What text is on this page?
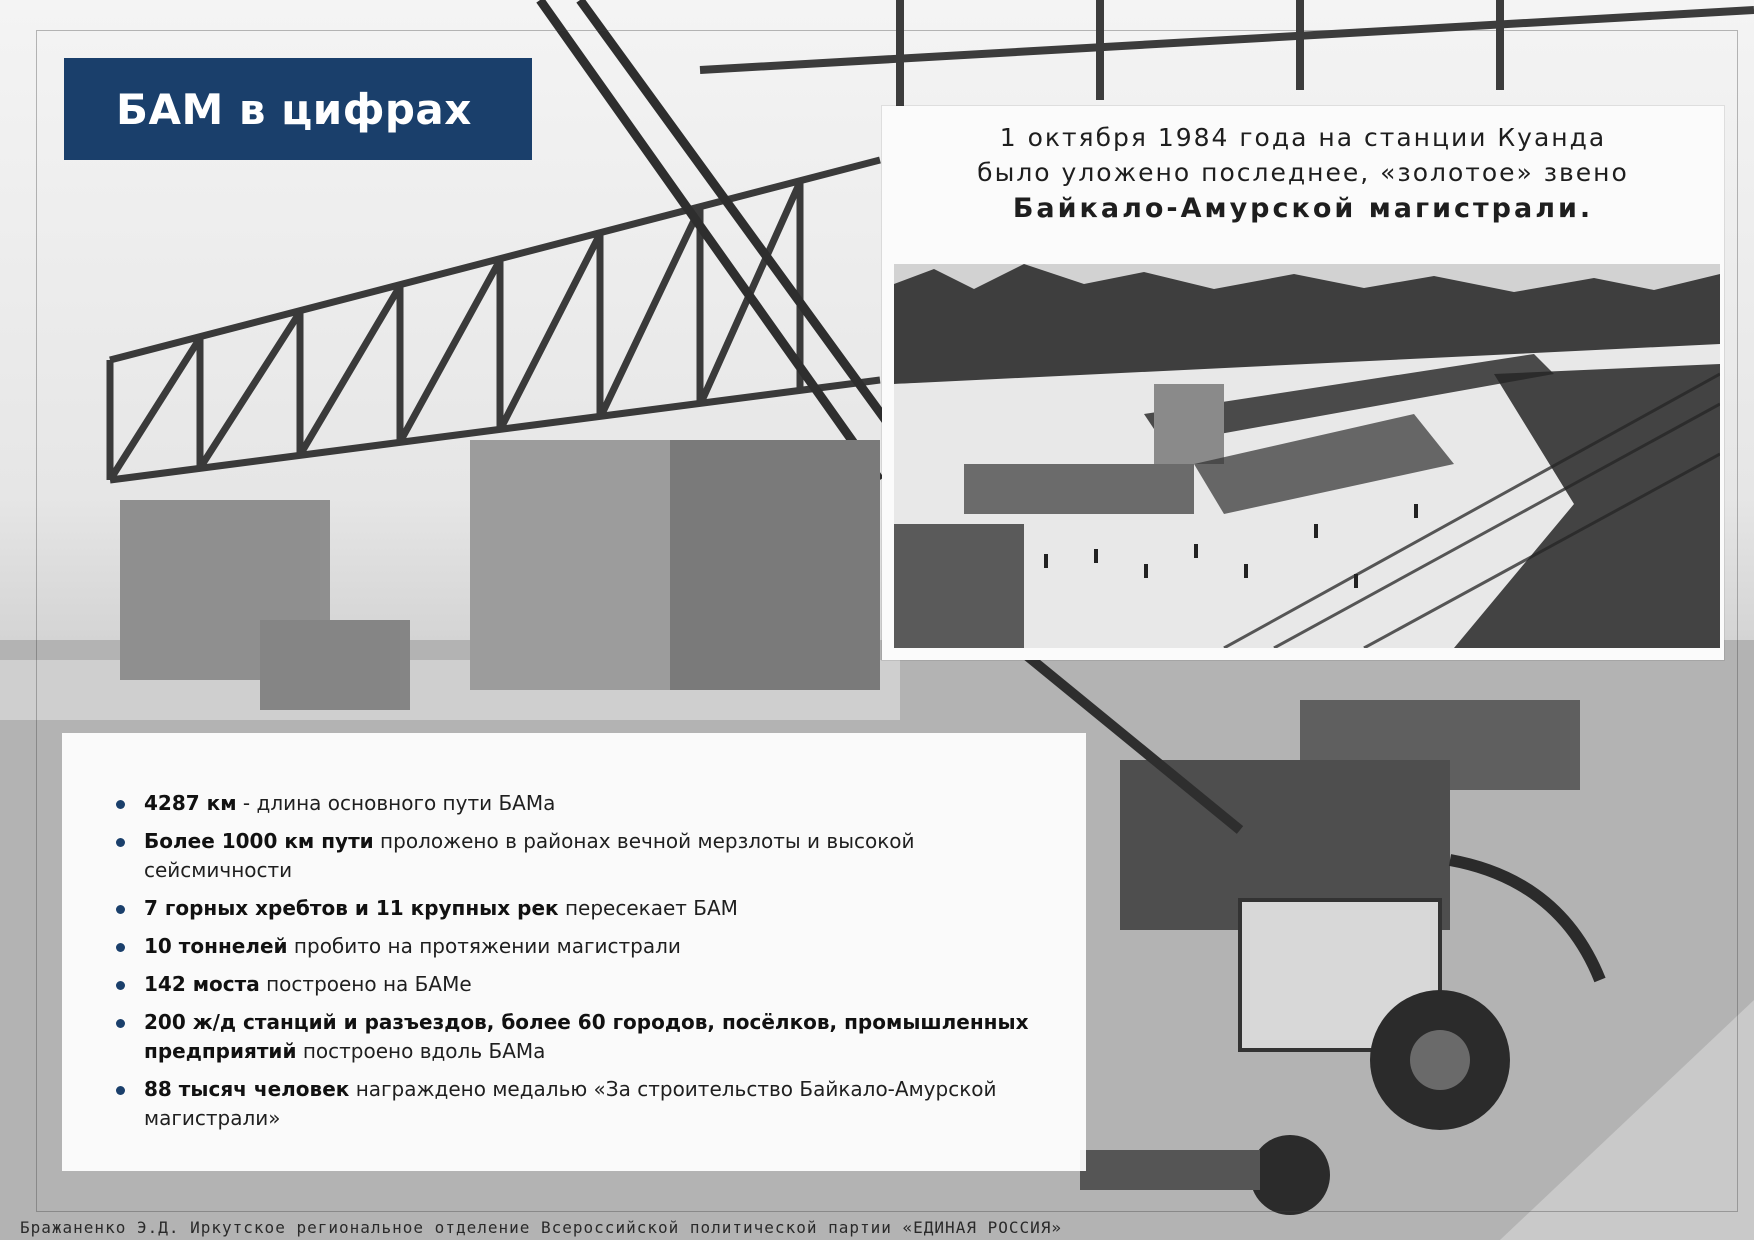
БАМ в цифрах
1 октября 1984 года на станции Куанда
было уложено последнее, «золотое» звено
Байкало-Амурской магистрали.
4287 км - длина основного пути БАМа
Более 1000 км пути проложено в районах вечной мерзлоты и высокой сейсмичности
7 горных хребтов и 11 крупных рек пересекает БАМ
10 тоннелей пробито на протяжении магистрали
142 моста построено на БАМе
200 ж/д станций и разъездов, более 60 городов, посёлков, промышленных предприятий построено вдоль БАМа
88 тысяч человек награждено медалью «За строительство Байкало-Амурской магистрали»
Бражаненко Э.Д. Иркутское региональное отделение Всероссийской политической партии «ЕДИНАЯ РОССИЯ»
